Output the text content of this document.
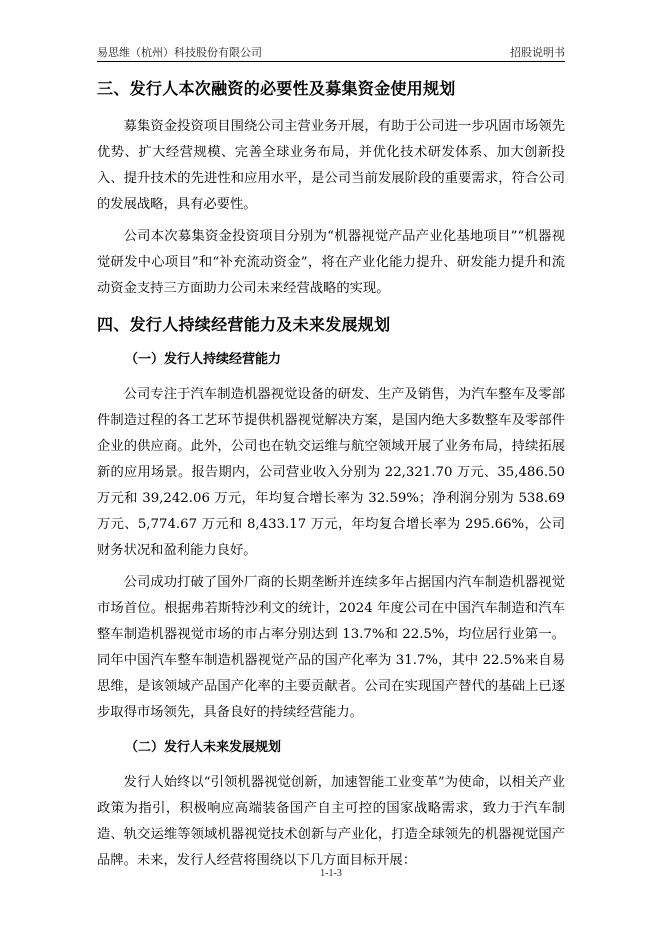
易思维（杭州）科技股份有限公司	招股说明书
三、发行人本次融资的必要性及募集资金使用规划

募集资金投资项目围绕公司主营业务开展，有助于公司进一步巩固市场领先优势、扩大经营规模、完善全球业务布局，并优化技术研发体系、加大创新投入、提升技术的先进性和应用水平，是公司当前发展阶段的重要需求，符合公司的发展战略，具有必要性。

公司本次募集资金投资项目分别为“机器视觉产品产业化基地项目”“机器视觉研发中心项目”和“补充流动资金”，将在产业化能力提升、研发能力提升和流动资金支持三方面助力公司未来经营战略的实现。

四、发行人持续经营能力及未来发展规划
（一）发行人持续经营能力

公司专注于汽车制造机器视觉设备的研发、生产及销售，为汽车整车及零部件制造过程的各工艺环节提供机器视觉解决方案，是国内绝大多数整车及零部件企业的供应商。此外，公司也在轨交运维与航空领域开展了业务布局，持续拓展新的应用场景。报告期内，公司营业收入分别为 22,321.70 万元、35,486.50 万元和 39,242.06 万元，年均复合增长率为 32.59%；净利润分别为 538.69 万元、5,774.67 万元和 8,433.17 万元，年均复合增长率为 295.66%，公司财务状况和盈利能力良好。

公司成功打破了国外厂商的长期垄断并连续多年占据国内汽车制造机器视觉市场首位。根据弗若斯特沙利文的统计，2024 年度公司在中国汽车制造和汽车整车制造机器视觉市场的市占率分别达到 13.7%和 22.5%，均位居行业第一。同年中国汽车整车制造机器视觉产品的国产化率为 31.7%，其中 22.5%来自易思维，是该领域产品国产化率的主要贡献者。公司在实现国产替代的基础上已逐步取得市场领先，具备良好的持续经营能力。

（二）发行人未来发展规划

发行人始终以“引领机器视觉创新，加速智能工业变革”为使命，以相关产业政策为指引，积极响应高端装备国产自主可控的国家战略需求，致力于汽车制造、轨交运维等领域机器视觉技术创新与产业化，打造全球领先的机器视觉国产品牌。未来，发行人经营将围绕以下几方面目标开展：

1-1-3
